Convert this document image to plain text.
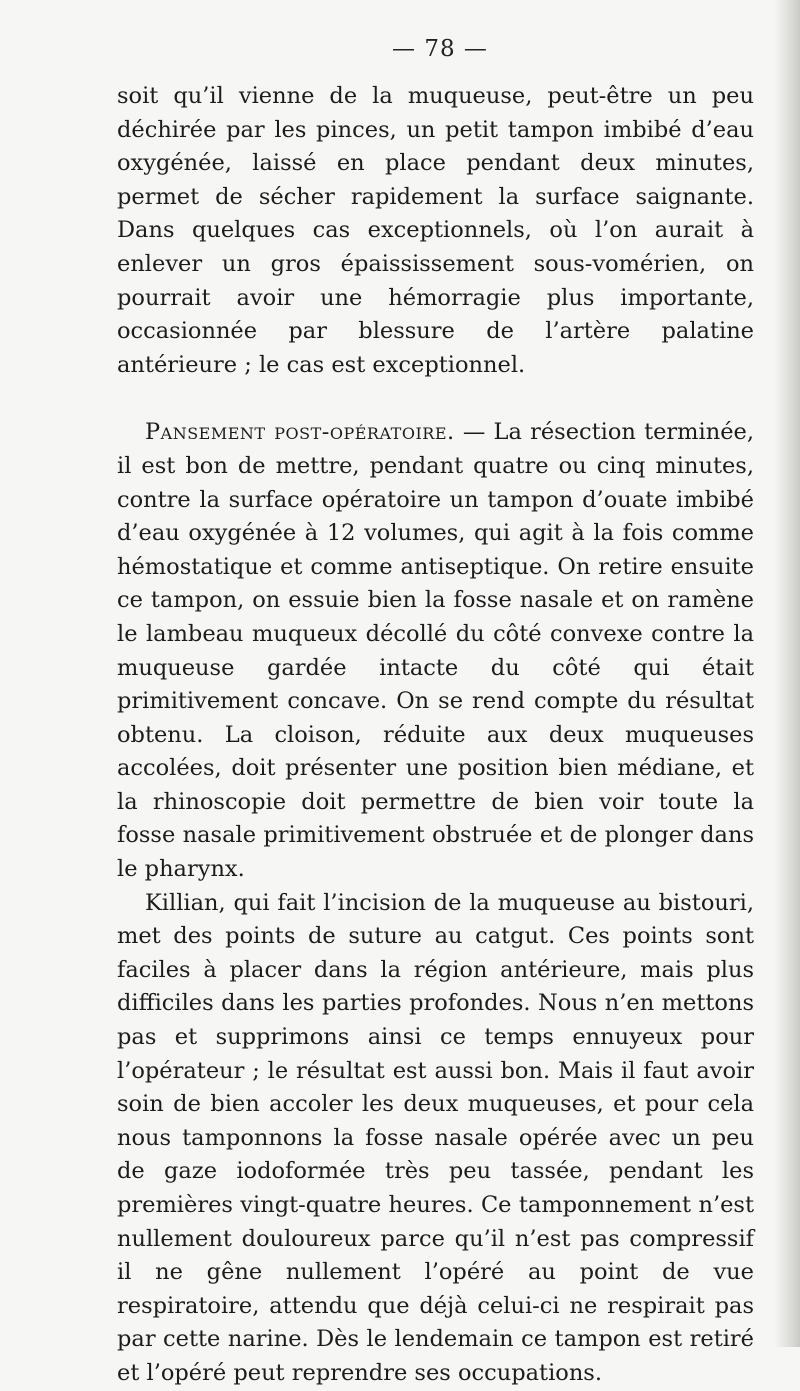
— 78 —

soit qu’il vienne de la muqueuse, peut-être un peu déchirée par les pinces, un petit tampon imbibé d’eau oxygénée, laissé en place pendant deux minutes, permet de sécher rapidement la surface saignante. Dans quelques cas exceptionnels, où l’on aurait à enlever un gros épaississement sous-vomérien, on pourrait avoir une hémorragie plus importante, occasionnée par blessure de l’artère palatine antérieure ; le cas est exceptionnel.

Pansement post-opératoire. — La résection terminée, il est bon de mettre, pendant quatre ou cinq minutes, contre la surface opératoire un tampon d’ouate imbibé d’eau oxygénée à 12 volumes, qui agit à la fois comme hémostatique et comme antiseptique. On retire ensuite ce tampon, on essuie bien la fosse nasale et on ramène le lambeau muqueux décollé du côté convexe contre la muqueuse gardée intacte du côté qui était primitivement concave. On se rend compte du résultat obtenu. La cloison, réduite aux deux muqueuses accolées, doit présenter une position bien médiane, et la rhinoscopie doit permettre de bien voir toute la fosse nasale primitivement obstruée et de plonger dans le pharynx.

Killian, qui fait l’incision de la muqueuse au bistouri, met des points de suture au catgut. Ces points sont faciles à placer dans la région antérieure, mais plus difficiles dans les parties profondes. Nous n’en mettons pas et supprimons ainsi ce temps ennuyeux pour l’opérateur ; le résultat est aussi bon. Mais il faut avoir soin de bien accoler les deux muqueuses, et pour cela nous tamponnons la fosse nasale opérée avec un peu de gaze iodoformée très peu tassée, pendant les premières vingt-quatre heures. Ce tamponnement n’est nullement douloureux parce qu’il n’est pas compressif il ne gêne nullement l’opéré au point de vue respiratoire, attendu que déjà celui-ci ne respirait pas par cette narine. Dès le lendemain ce tampon est retiré et l’opéré peut reprendre ses occupations.
